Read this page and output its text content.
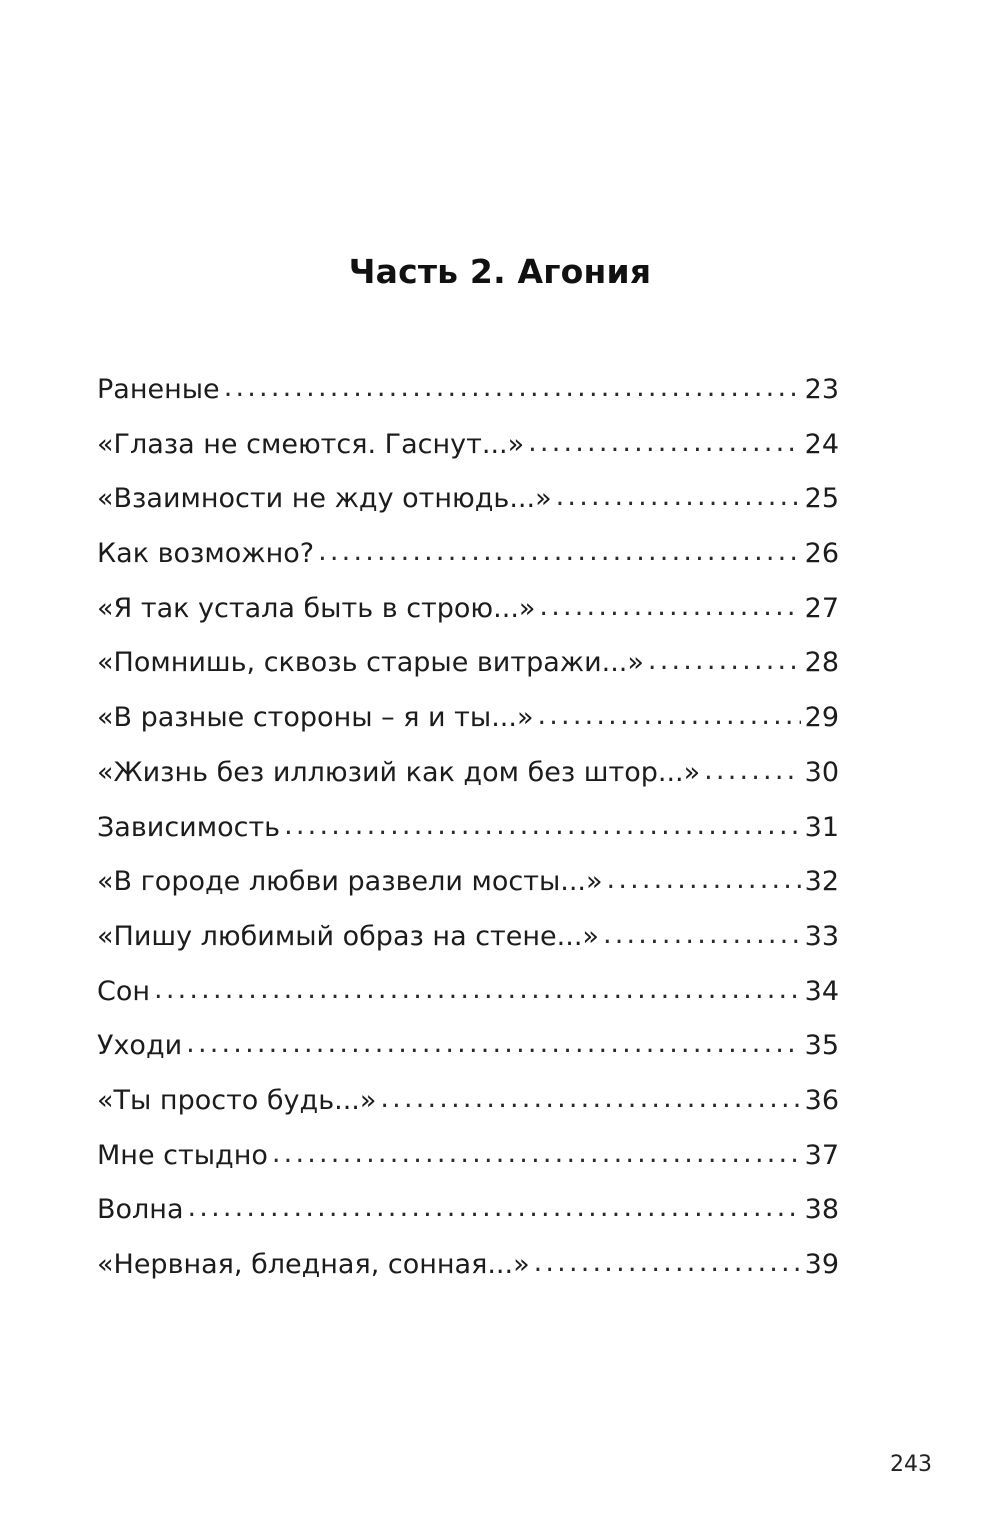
Часть 2. Агония
Раненые .....	23
«Глаза не смеются. Гаснут...» .....	24
«Взаимности не жду отнюдь...» .....	25
Как возможно? .....	26
«Я так устала быть в строю...» .....	27
«Помнишь, сквозь старые витражи...» .....	28
«В разные стороны – я и ты...» .....	29
«Жизнь без иллюзий как дом без штор...» .....	30
Зависимость .....	31
«В городе любви развели мосты...» .....	32
«Пишу любимый образ на стене...» .....	33
Сон .....	34
Уходи .....	35
«Ты просто будь...» .....	36
Мне стыдно .....	37
Волна .....	38
«Нервная, бледная, сонная...» .....	39
243
